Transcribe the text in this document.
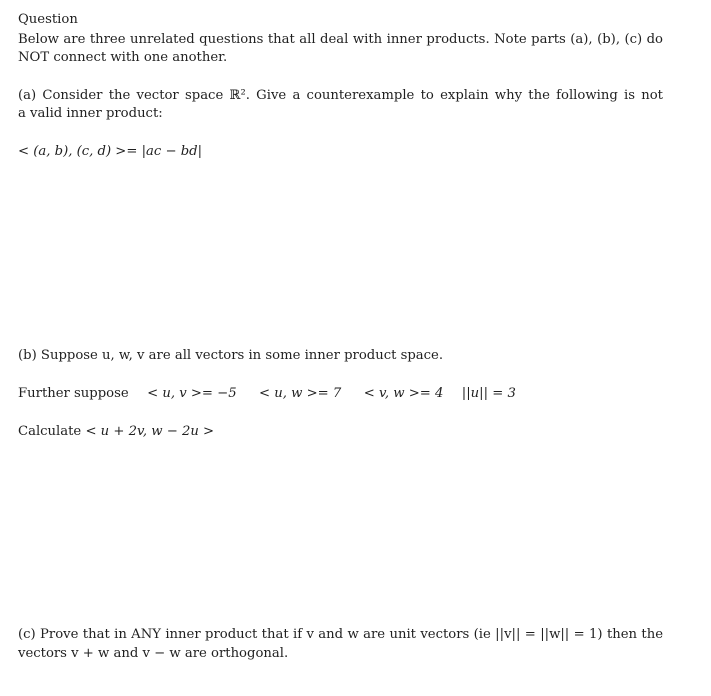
Question
Below are three unrelated questions that all deal with inner products. Note parts (a), (b), (c) do
NOT connect with one another.
(a) Consider the vector space ℝ². Give a counterexample to explain why the following is not
a valid inner product:
< (a, b), (c, d) >= |ac − bd|
(b) Suppose u, w, v are all vectors in some inner product space.
Further suppose < u, v >= −5 < u, w >= 7 < v, w >= 4 ||u|| = 3
Calculate < u + 2v, w − 2u >
(c) Prove that in ANY inner product that if v and w are unit vectors (ie ||v|| = ||w|| = 1) then the
vectors v + w and v − w are orthogonal.
